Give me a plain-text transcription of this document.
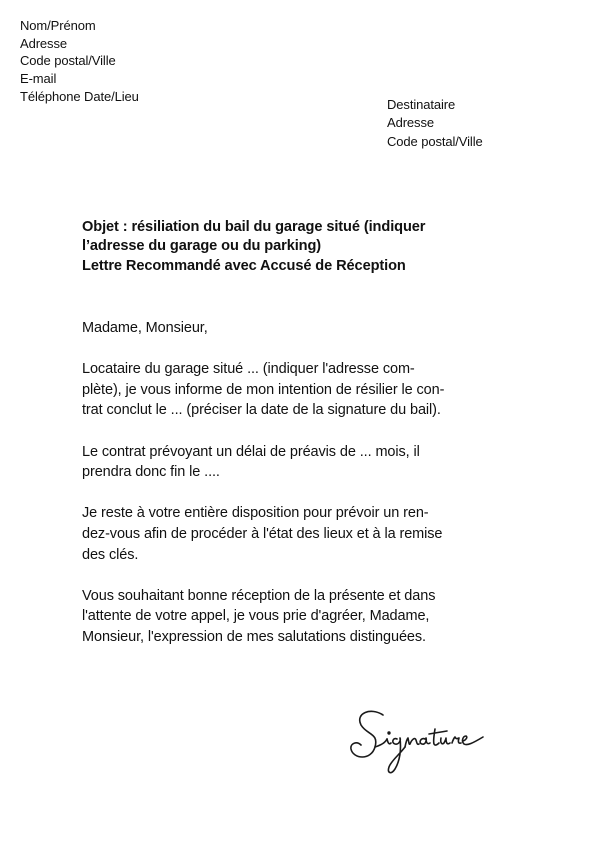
Nom/Prénom
Adresse
Code postal/Ville
E-mail
Téléphone Date/Lieu
Destinataire
Adresse
Code postal/Ville
Objet : résiliation du bail du garage situé (indiquer
l’adresse du garage ou du parking)
Lettre Recommandé avec Accusé de Réception

Madame, Monsieur,

Locataire du garage situé ... (indiquer l'adresse com-
plète), je vous informe de mon intention de résilier le con-
trat conclut le ... (préciser la date de la signature du bail).

Le contrat prévoyant un délai de préavis de ... mois, il
prendra donc fin le ....

Je reste à votre entière disposition pour prévoir un ren-
dez-vous afin de procéder à l'état des lieux et à la remise
des clés.

Vous souhaitant bonne réception de la présente et dans
l'attente de votre appel, je vous prie d'agréer, Madame,
Monsieur, l'expression de mes salutations distinguées.
